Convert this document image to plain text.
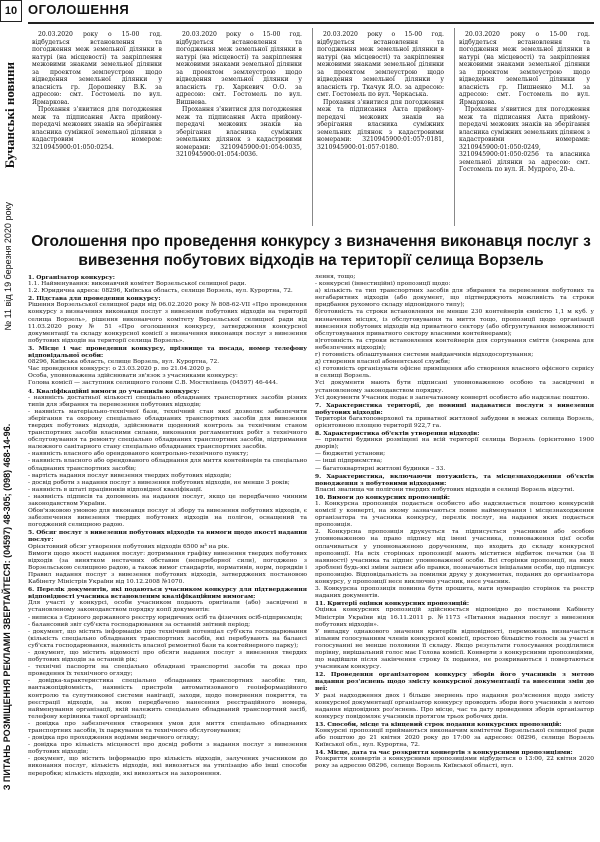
10 ОГОЛОШЕННЯ
Бучанські новини
№ 11 від 19 березня 2020 року
З ПИТАНЬ РОЗМІЩЕННЯ РЕКЛАМИ ЗВЕРТАЙТЕСЯ: (04597) 48-305; (098) 468-14-96.

20.03.2020 року о 15-00 год. відбудеться встановлення та погодження меж земельної ділянки в натурі (на місцевості) та закріплення межовими знаками земельної ділянки за проектом землеустрою щодо відведення земельної ділянки у власність гр. Дорошенку В.К. за адресою: смт. Гостомель по вул. Ярмаркова.

Прохання з'явитися для погодження меж та підписання Акта прийому-передачі межових знаків на зберігання власника суміжної земельної ділянки з кадастровим номером: 3210945900:01:050:0254.

20.03.2020 року о 15-00 год. відбудеться встановлення та погодження меж земельної ділянки в натурі (на місцевості) та закріплення межовими знаками земельної ділянки за проектом землеустрою щодо відведення земельної ділянки у власність гр. Харкевич О.О. за адресою: смт. Гостомель по вул. Вишнева.

Прохання з'явитися для погодження меж та підписання Акта прийому-передачі межових знаків на зберігання власника суміжних земельних ділянок з кадастровими номерами: 3210945900:01:054:0035, 3210945900:01:054:0036.

20.03.2020 року о 15-00 год. відбудеться встановлення та погодження меж земельної ділянки в натурі (на місцевості) та закріплення межовими знаками земельної ділянки за проектом землеустрою щодо відведення земельної ділянки у власність гр. Ткачук Я.О. за адресою: смт. Гостомель по вул. Черкаська.

Прохання з'явитися для погодження меж та підписання Акта прийому-передачі межових знаків на зберігання власника суміжних земельних ділянок з кадастровими номерами: 3210945900:01:057:0181, 3210945900:01:057:0180.

20.03.2020 року о 15-00 год. відбудеться встановлення та погодження меж земельної ділянки в натурі (на місцевості) та закріплення межовими знаками земельної ділянки за проектом землеустрою щодо відведення земельної ділянки у власність гр. Пишненко М.І. за адресою: смт. Гостомель по вул. Ярмаркова.

Прохання з'явитися для погодження меж та підписання Акта прийому-передачі межових знаків на зберігання власника суміжних земельних ділянок з кадастровими номерами: 3210945900:01:050:0249, 3210945900:01:050:0256 та власника земельної ділянки за адресою: смт. Гостомель по вул. Я. Мудрого, 20-а.

Оголошення про проведення конкурсу з визначення виконавця послуг з вивезення побутових відходів на території селища Ворзель

1. Організатор конкурсу:

1.1. Найменування: виконавчий комітет Ворзельської селищної ради.

1.2. Юридична адреса: 08296, Київська область, селище Ворзель, вул. Курортна, 72.

2. Підстава для проведення конкурсу:

Рішення Ворзельської селищної ради від 06.02.2020 року № 808-62-VII «Про проведення конкурсу з визначення виконавця послуг з вивезення побутових відходів на території селища Ворзель», рішення виконавчого комітету Ворзельської селищної ради від 11.03.2020 року № 51 «Про оголошення конкурсу, затвердження конкурсної документації та складу конкурсної комісії з визначення виконавця послуг з вивезення побутових відходів на території селища Ворзель».

3. Місце і час проведення конкурсу, прізвище та посада, номер телефону відповідальної особи:

08296, Київська область, селище Ворзель, вул. Курортна, 72.

Час проведення конкурсу: о 23.03.2020 р. по 21.04.2020 р.

Особа, уповноважена здійснювати зв'язок з учасниками конкурсу:

Голова комісії — заступник селищного голови С.В. Моствлівець (04597) 46-444.

4. Кваліфікаційні вимоги до учасників конкурсу:

- наявність достатньої кількості спеціально обладнаних транспортних засобів різних типів для збирання та перевезення побутових відходів;

- наявність матеріально-технічної бази, технічний стан якої дозволяє забезпечити зберігання та охорону спеціально обладнаних транспортних засобів для вивезення твердих побутових відходів, здійснювати щоденний контроль за технічним станом транспортних засобів власними силами, виконання регламентних робіт з технічного обслуговування та ремонту спеціально обладнаних транспортних засобів, підтримання належного санітарного стану спеціально обладнаних транспортних засобів.

- наявність власного або орендованого контрольно-технічного пункту;

- наявність власного або орендованого обладнання для миття контейнерів та спеціально обладнаних транспортних засобів;

- вартість надання послуг вивезення твердих побутових відходів;

- досвід роботи з надання послуг з вивезення побутових відходів, не менше 3 років;

- наявність в штаті працівників відповідної кваліфікації.

- наявність підписів та доповнень на надання послуг, якщо це передбачено чинним законодавством України.

Обов'язковою умовою для виконавця послуг зі збору та вивезення побутових відходів, є забезпечення вивезення твердих побутових відходів на полігон, оснащений та погоджений селищною радою.

5. Обсяг послуг з вивезення побутових відходів та вимоги щодо якості надання послуг:

Орієнтовний обсяг утворення побутових відходів 6500 м³ на рік.

Вимоги щодо якості надання послуг: дотримання графіку вивезення твердих побутових відходів (за винятком нестачних обставин (непереборної сили), погоджено з Ворзельською селищною радою, а також вимог стандартів, нормативів, норм, порядків і Правил надання послуг з вивезення побутових відходів, затверджених постановою Кабінету Міністрів України від 10.12.2008 №1070.

6. Перелік документів, які подаються учасником конкурсу для підтвердження відповідності учасника встановленим кваліфікаційним вимогам:

Для участі у конкурсі, особи учасником подають оригінали (або) засвідчені в установленому законодавством порядку копії документів:

- виписка з Єдиного державного реєстру юридичних осіб та фізичних осіб-підприємців;

- балансовий звіт суб'єкта господарювання за останній звітний період;

- документ, що містить інформацію про технічний потенціал суб'єкта господарювання (кількість спеціально обладнаних транспортних засобів, які перебувають на балансі суб'єкта господарювання, наявність власної ремонтної бази та контейнерного парку);

- документ, що містить відомості про обсяги надання послуг з вивезення твердих побутових відходів за останній рік;

- технічні паспорти на спеціально обладнані транспортні засоби та доказ про проведення їх технічного огляду;

- довідка-характеристика спеціально обладнаних транспортних засобів: тип, вантажопідйомність, наявність пристроїв автоматизованого геоінформаційного контролю та супутникової системи навігації, заходи, щодо повернення покриття, та реєстрації відходів, за якою передбачено нанесення реєстраційного номера, найменування організації, якій належить спеціально обладнаний транспортний засіб, телефону керівника такої організації;

- довідка про забезпечення створення умов для миття спеціально обладнаних транспортних засобів, їх паркування та технічного обслуговування;

- довідка про проходження водіями медичного огляду;

- довідка про кількість місцевості про досвід роботи з надання послуг з вивезення побутових відходів;

- документ, що містить інформацію про кількість відходів, залучених учасником до виконання послуг, кількість відходів, які вивозяться на утилізацію або інші способи переробки; кількість відходів, які вивозяться на захоронення.

лення, тощо;

- конкурсні (інвестиційні) пропозиції щодо:

а) кількість та тип транспортних засобів для збирання та перевезення побутових та негабаритних відходів (або документ, що підтверджують можливість та строки придбання рухомого складу відповідного типу);

б)готовність та строки встановлення не менше 230 контейнерів ємністю 1,1 м куб. у визначених місцях, із обслуговування та миття тощо, пропозиції щодо організації вивезення побутових відходів від приватного сектору (або обгрунтування неможливості обслуговування приватного сектору власними контейнерами);

в)готовність та строки встановлення контейнерів для сортування сміття (зокрема для небезпечних відходів);

г) готовність облаштування системи майданчиків відходосортування;

д) створення власної абонентської служби;

є) готовність організувати офісне приміщення або створення власного офісного сервісу в селищі Ворзель.

Усі документи мають бути підписані уповноваженою особою та засвідчені в установленому законодавством порядку.

Усі документи Учасник подає в запечатаному конверті особисто або надсилає поштою.

7. Характеристика території, де повинні надаватися послуги з вивезення побутових відходів:

Територія багатоповерхової та приватної житлової забудови в межах селища Ворзель, орієнтовною площею території 922,7 га.

8. Характеристика об'єктів утворення відходів:

— приватні будинки розміщені на всій території селища Ворзель (орієнтовно 1900 дворів);

— бюджетні установи;

— інші підприємства;

— багатоквартирні житлові будинки – 33.

9. Характеристика, включаючи потужність, та місцезнаходження об'єктів поводження з побутовими відходами:

Власні звалища чи полігони твердих побутових відходів в селищі Ворзель відсутні.

10. Вимоги до конкурсних пропозицій:

1. Конкурсна пропозиція подається особисто або надсилається поштою конкурсній комісії у конверті, на якому зазначаються повне найменування і місцезнаходження організатора та учасника конкурсу, перелік послуг, на надання яких подається пропозиція.

2. Конкурсна пропозиція друкується та підписується учасником або особою уповноваженою на право підпису від імені учасника, повноваження цієї особи оплачиваться у уповноваженою дорученням, що входить до складу конкурсної пропозиції. На всіх сторінках пропозиції мають міститися відбиток печатки (за її наявності) учасника та підпис уповноваженої особи. Всі сторінки пропозиції, на яких зроблені будь-які зміни записи або правки, позначаються ініціалами особи, що підписує пропозицію. Відповідальність за помилки друку у документах, поданих до організатора конкурсу, у пропозиції несе виключно учасник, несе учасник.

3. Конкурсна пропозиція повинна бути прошита, мати нумерацію сторінок та реєстр наданих документів.

11. Критерії оцінки конкурсних пропозицій:

Оцінка конкурсних пропозицій здійснюється відповідно до постанови Кабінету Міністрів України від 16.11.2011 р. №1173 «Питання надання послуг з вивезення побутових відходів».

У випадку однакового значення критеріїв відповідності, переможець визначається вільним голосуванням членів конкурсної комісії, простою більшістю голосів за участі в голосуванні не менше половини її складу. Якщо результати голосування розділилися порівну, вирішальний голос має Голова комісії. Конверти з конкурсними пропозиціями, що надійшли після закінчення строку їх подання, не розкриваються і повертаються учасникам конкурсу.

12. Проведення організатором конкурсу зборів його учасників з метою надання роз'яснень щодо змісту конкурсної документації та внесення змін до неї:

У разі надходження двох і більше звернень про надання роз'яснення щодо змісту конкурсної документації організатор конкурсу проводить збори його учасників з метою надання відповідних роз'яснень. Про місце, час та дату проведення зборів організатор конкурсу повідомляє учасників протягом трьох робочих днів.

13. Способи, місце та кінцевий строк подання конкурсних пропозицій:

Конкурсні пропозиції приймаються виконавчим комітетом Ворзельської селищної ради або поштою до 21 квітня 2020 року до 17:00 за адресою: 08296, селище Ворзель Київської обл., вул. Курортна, 72.

14. Місце, дата та час розкриття конвертів з конкурсними пропозиціями:

Розкриття конвертів з конкурсними пропозиціями відбудеться о 13:00, 22 квітня 2020 року за адресою 08296, селище Ворзель Київської області, вул.
